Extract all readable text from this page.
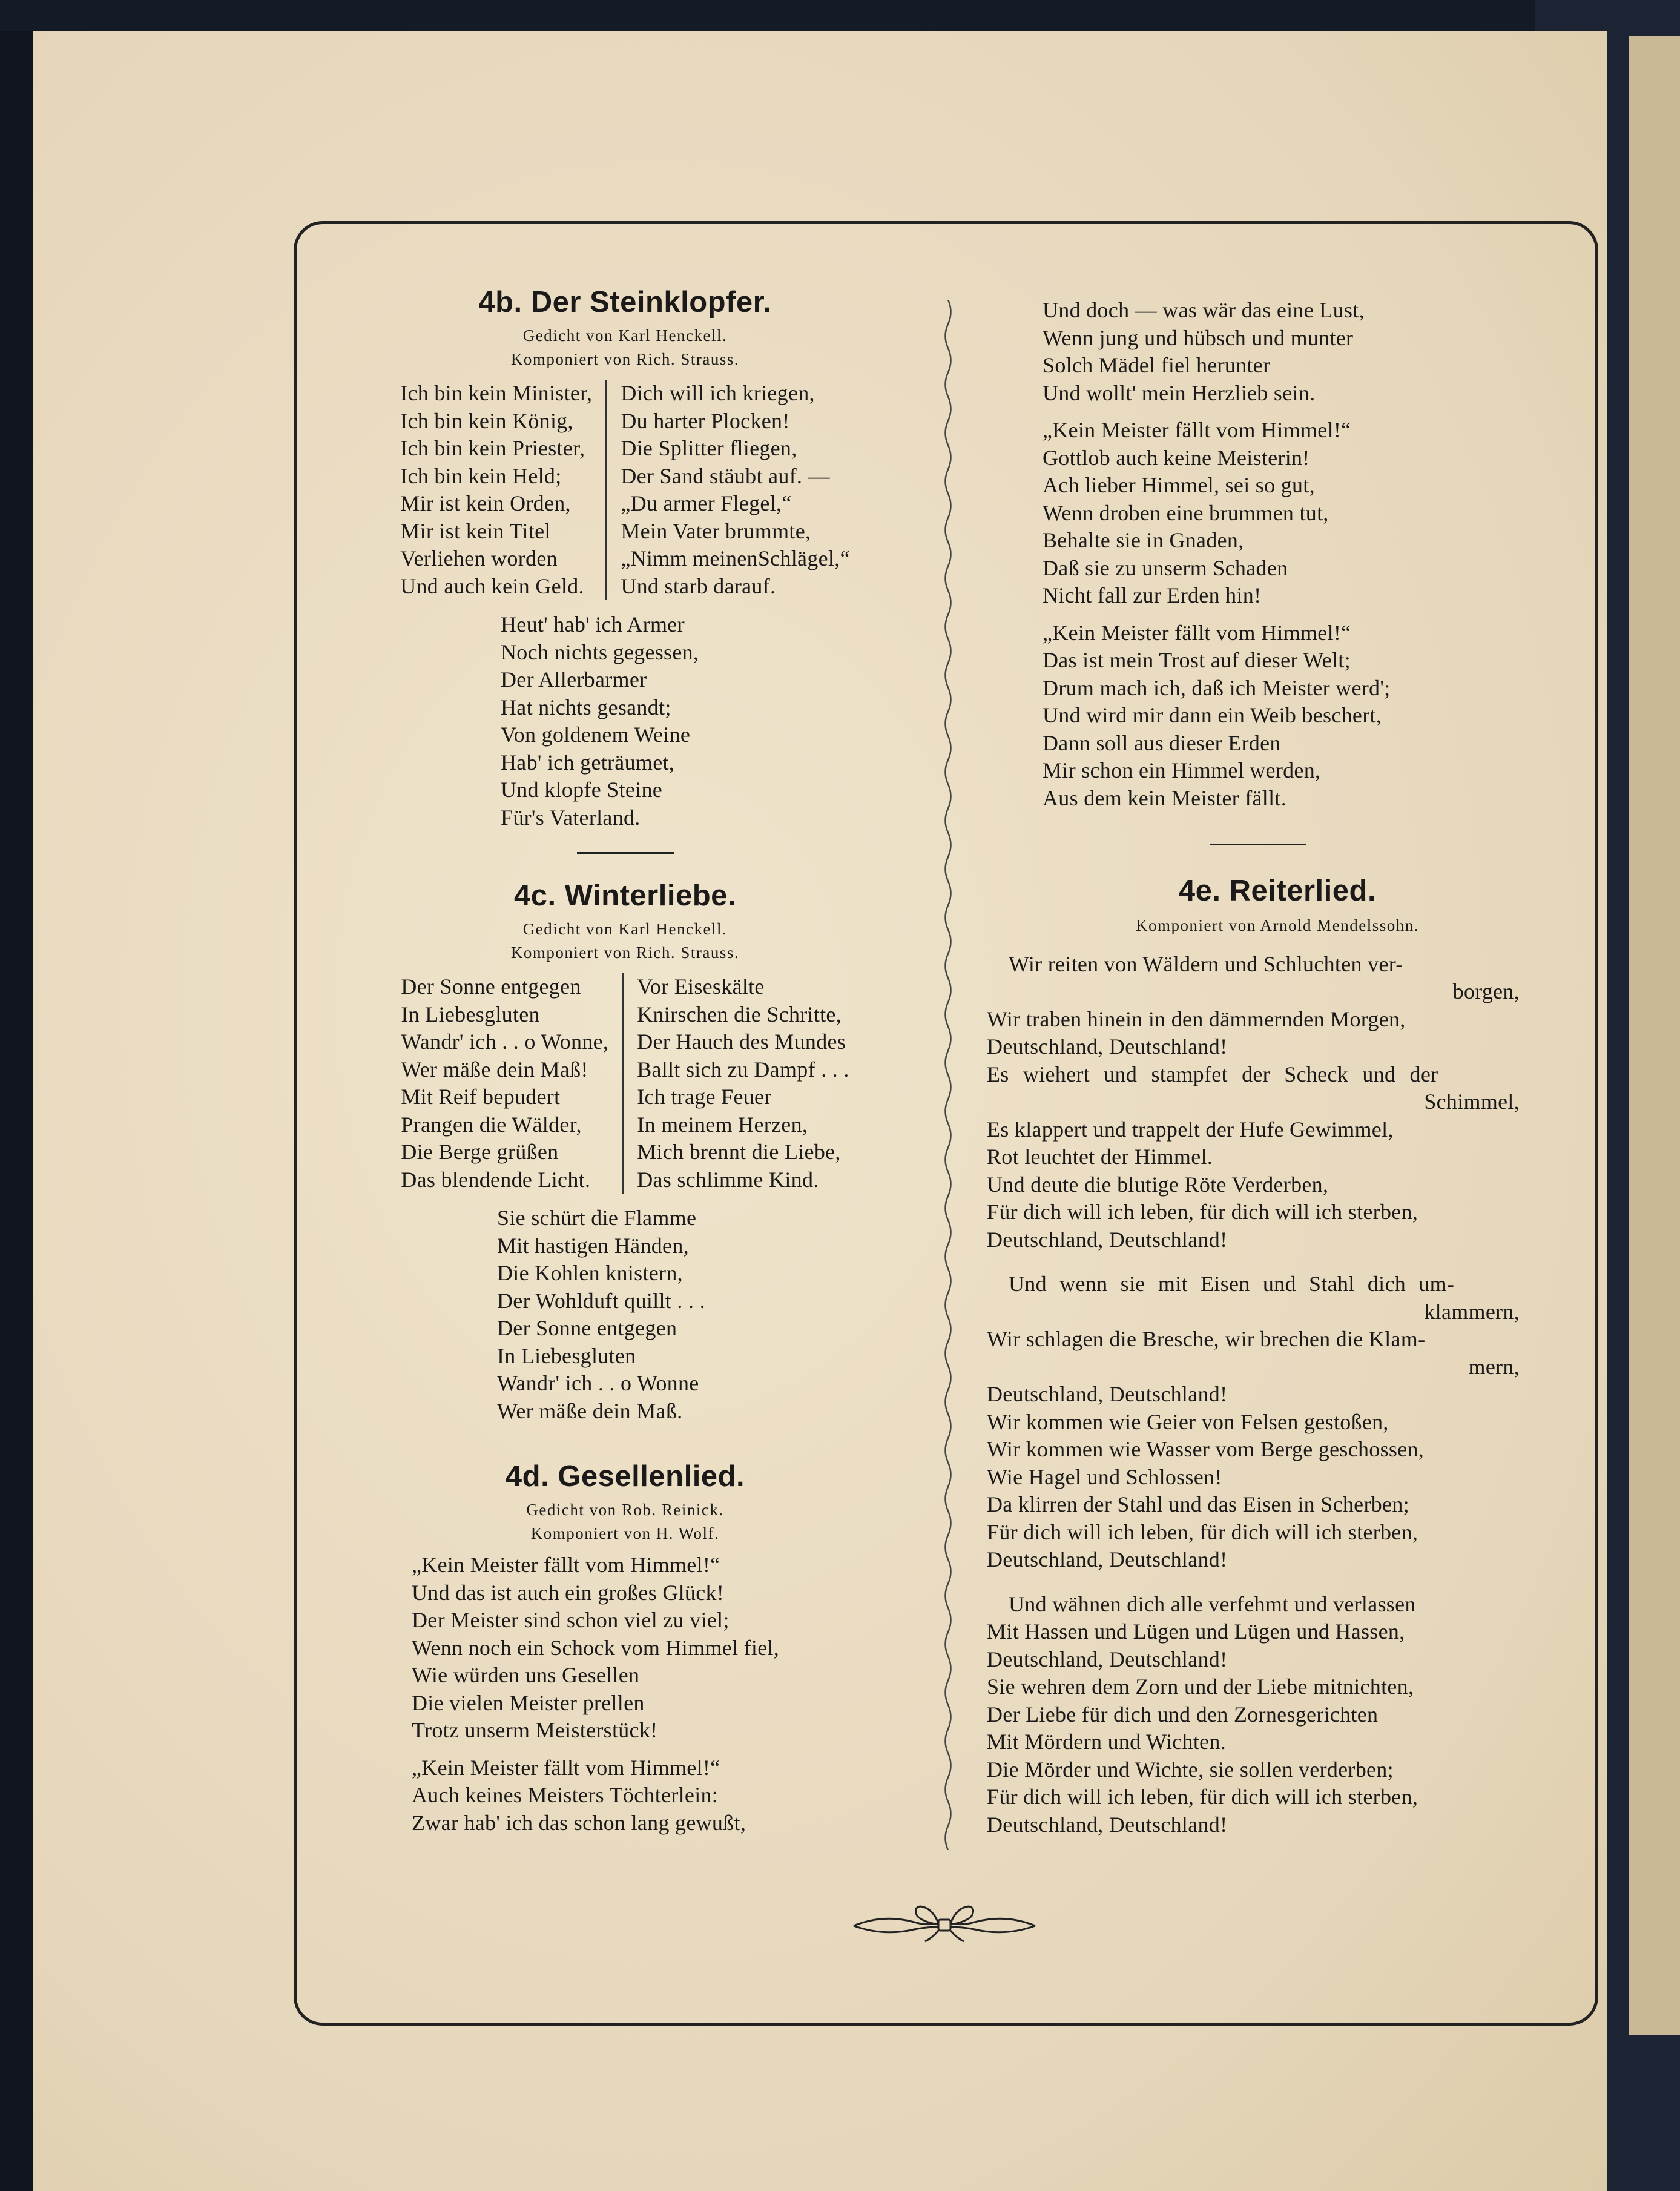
4b. Der Steinklopfer.

Gedicht von Karl Henckell.

Komponiert von Rich. Strauss.

Ich bin kein Minister,
Ich bin kein König,
Ich bin kein Priester,
Ich bin kein Held;
Mir ist kein Orden,
Mir ist kein Titel
Verliehen worden
Und auch kein Geld.

Dich will ich kriegen,
Du harter Plocken!
Die Splitter fliegen,
Der Sand stäubt auf. —
„Du armer Flegel,“
Mein Vater brummte,
„Nimm meinenSchlägel,“
Und starb darauf.

Heut' hab' ich Armer
Noch nichts gegessen,
Der Allerbarmer
Hat nichts gesandt;
Von goldenem Weine
Hab' ich geträumet,
Und klopfe Steine
Für's Vaterland.

4c. Winterliebe.

Gedicht von Karl Henckell.

Komponiert von Rich. Strauss.

Der Sonne entgegen
In Liebesgluten
Wandr' ich . . o Wonne,
Wer mäße dein Maß!
Mit Reif bepudert
Prangen die Wälder,
Die Berge grüßen
Das blendende Licht.

Vor Eiseskälte
Knirschen die Schritte,
Der Hauch des Mundes
Ballt sich zu Dampf . . .
Ich trage Feuer
In meinem Herzen,
Mich brennt die Liebe,
Das schlimme Kind.

Sie schürt die Flamme
Mit hastigen Händen,
Die Kohlen knistern,
Der Wohlduft quillt . . .
Der Sonne entgegen
In Liebesgluten
Wandr' ich . . o Wonne
Wer mäße dein Maß.

4d. Gesellenlied.

Gedicht von Rob. Reinick.

Komponiert von H. Wolf.

„Kein Meister fällt vom Himmel!“
Und das ist auch ein großes Glück!
Der Meister sind schon viel zu viel;
Wenn noch ein Schock vom Himmel fiel,
Wie würden uns Gesellen
Die vielen Meister prellen
Trotz unserm Meisterstück!

„Kein Meister fällt vom Himmel!“
Auch keines Meisters Töchterlein:
Zwar hab' ich das schon lang gewußt,

Und doch — was wär das eine Lust,
Wenn jung und hübsch und munter
Solch Mädel fiel herunter
Und wollt' mein Herzlieb sein.

„Kein Meister fällt vom Himmel!“
Gottlob auch keine Meisterin!
Ach lieber Himmel, sei so gut,
Wenn droben eine brummen tut,
Behalte sie in Gnaden,
Daß sie zu unserm Schaden
Nicht fall zur Erden hin!

„Kein Meister fällt vom Himmel!“
Das ist mein Trost auf dieser Welt;
Drum mach ich, daß ich Meister werd';
Und wird mir dann ein Weib beschert,
Dann soll aus dieser Erden
Mir schon ein Himmel werden,
Aus dem kein Meister fällt.

4e. Reiterlied.

Komponiert von Arnold Mendelssohn.

Wir reiten von Wäldern und Schluchten ver-
borgen,
Wir traben hinein in den dämmernden Morgen,
Deutschland, Deutschland!
Es wiehert und stampfet der Scheck und der
Schimmel,
Es klappert und trappelt der Hufe Gewimmel,
Rot leuchtet der Himmel.
Und deute die blutige Röte Verderben,
Für dich will ich leben, für dich will ich sterben,
Deutschland, Deutschland!
Und wenn sie mit Eisen und Stahl dich um-
klammern,
Wir schlagen die Bresche, wir brechen die Klam-
mern,
Deutschland, Deutschland!
Wir kommen wie Geier von Felsen gestoßen,
Wir kommen wie Wasser vom Berge geschossen,
Wie Hagel und Schlossen!
Da klirren der Stahl und das Eisen in Scherben;
Für dich will ich leben, für dich will ich sterben,
Deutschland, Deutschland!
Und wähnen dich alle verfehmt und verlassen
Mit Hassen und Lügen und Lügen und Hassen,
Deutschland, Deutschland!
Sie wehren dem Zorn und der Liebe mitnichten,
Der Liebe für dich und den Zornesgerichten
Mit Mördern und Wichten.
Die Mörder und Wichte, sie sollen verderben;
Für dich will ich leben, für dich will ich sterben,
Deutschland, Deutschland!
